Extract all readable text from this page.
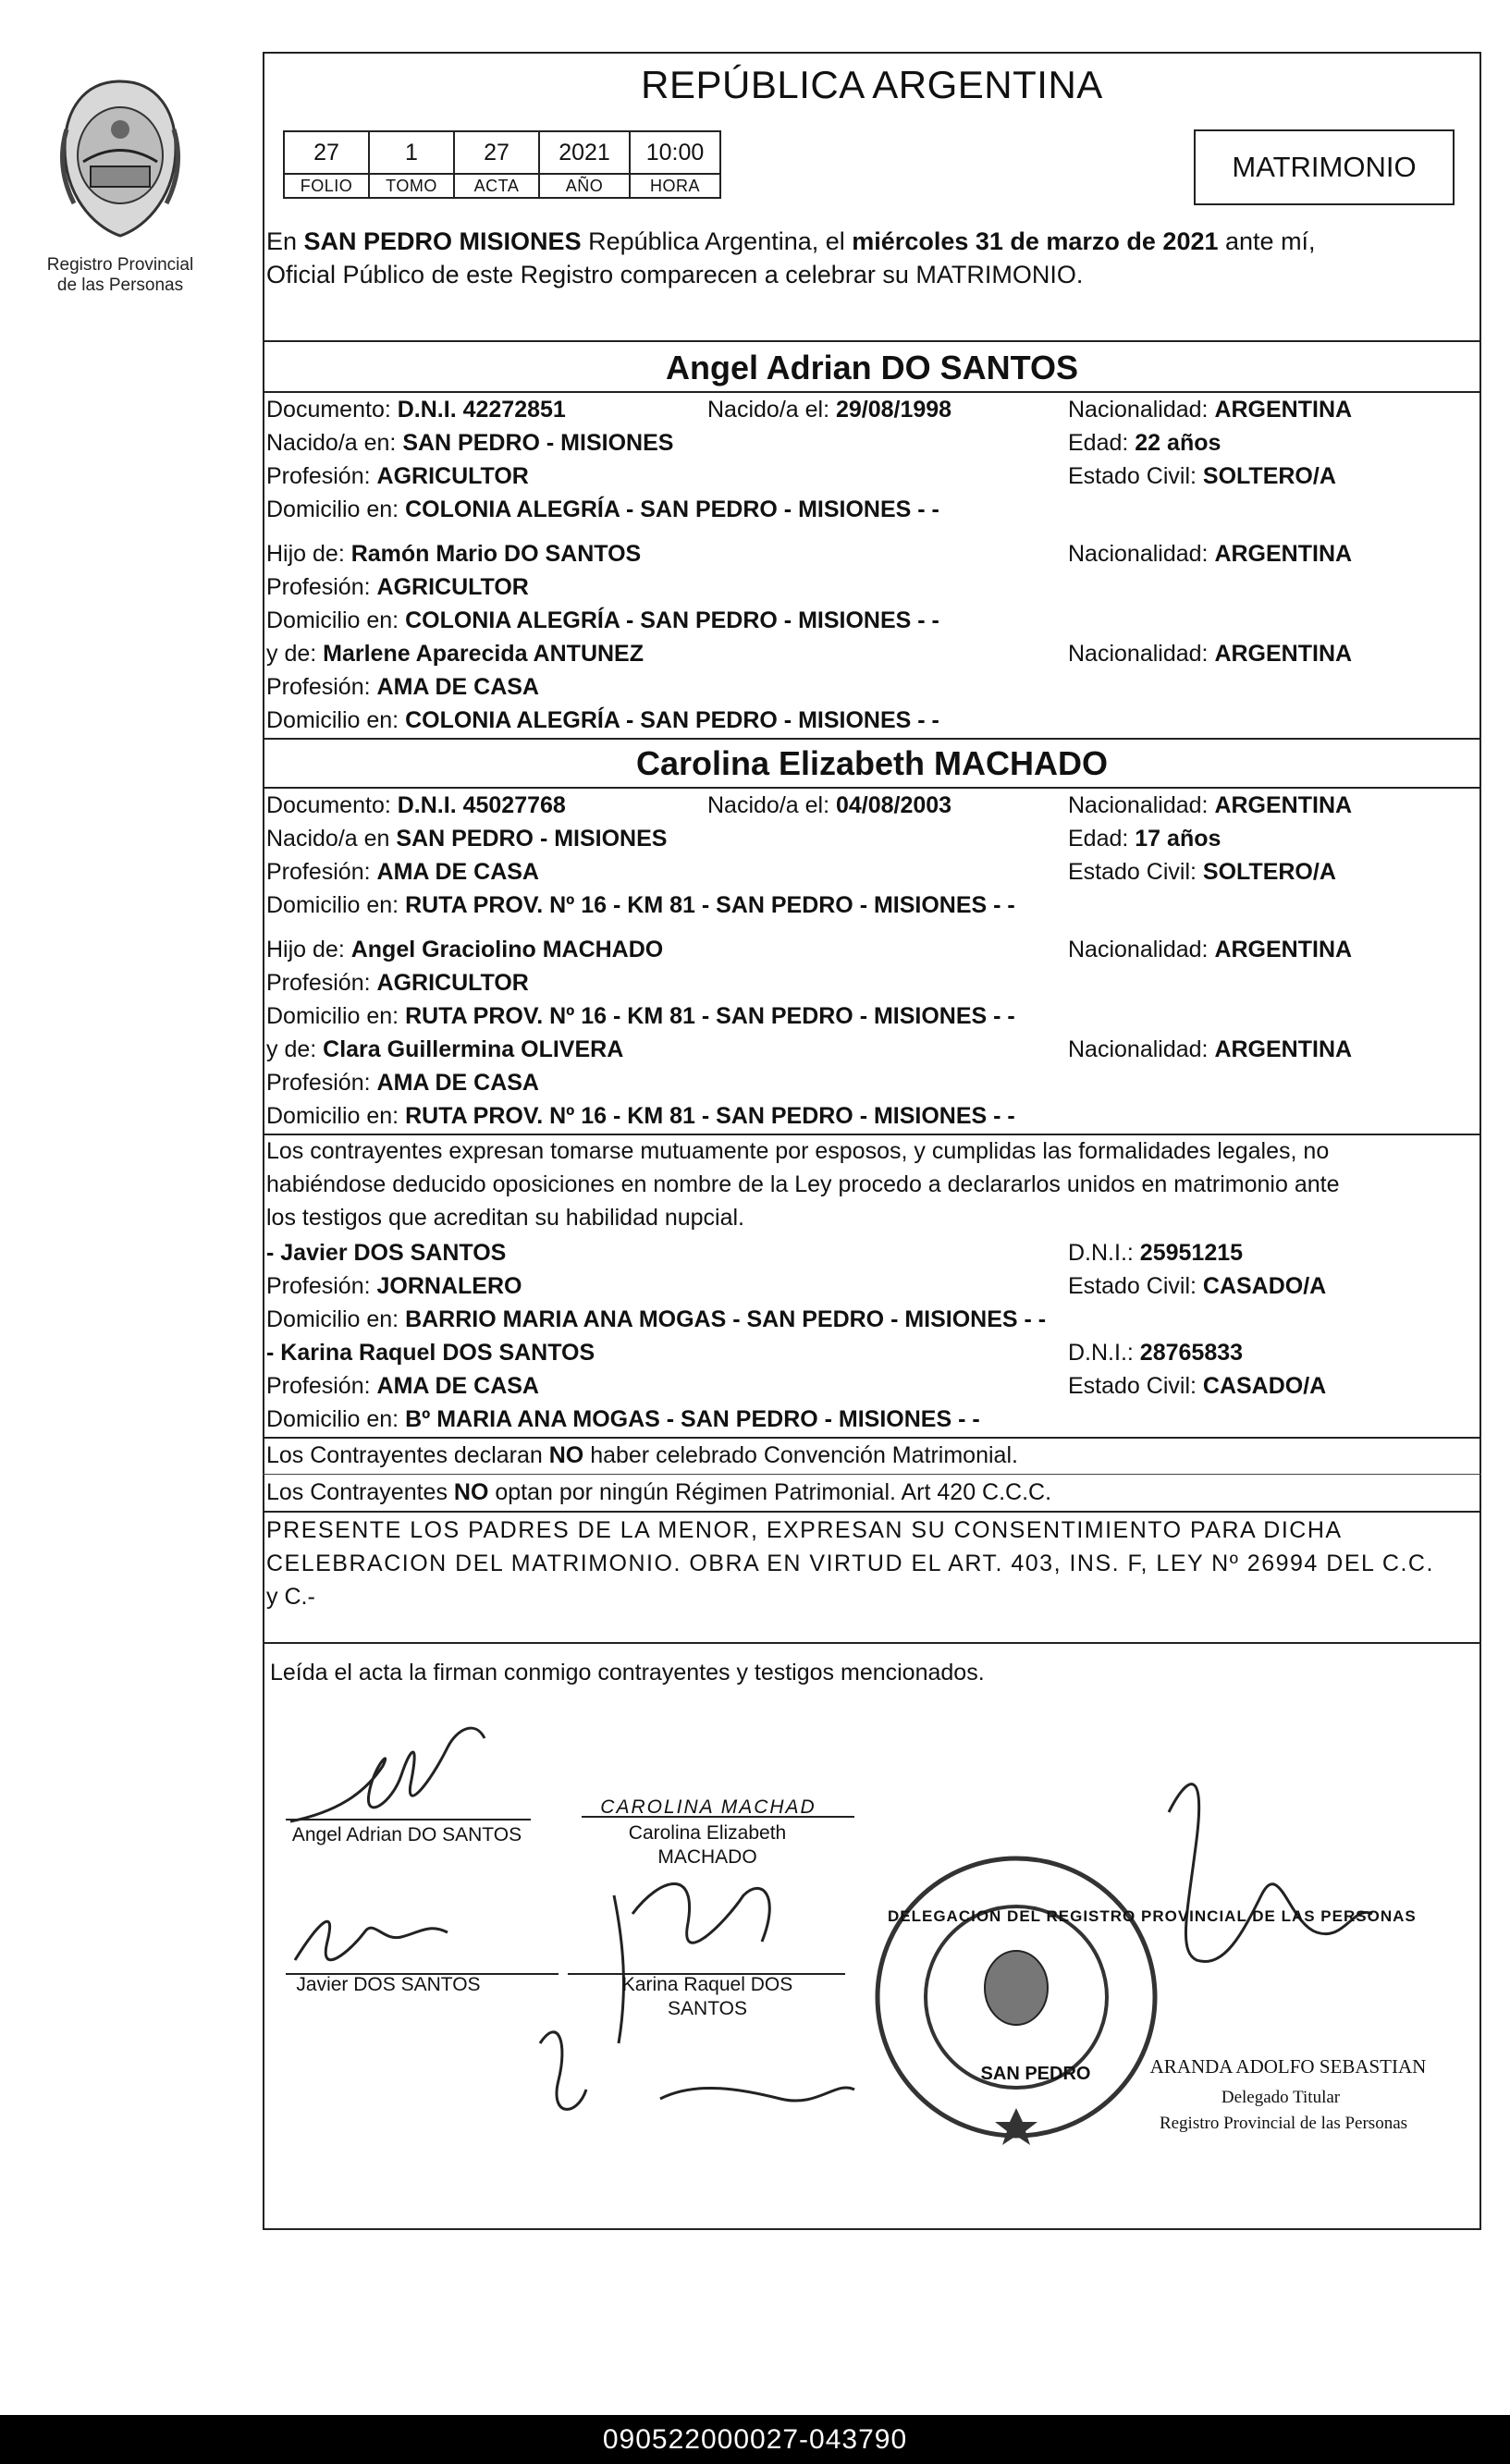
Registro Provincial
de las Personas
REPÚBLICA ARGENTINA
27	1	27	2021	10:00
FOLIO	TOMO	ACTA	AÑO	HORA
MATRIMONIO
En SAN PEDRO MISIONES República Argentina, el miércoles 31 de marzo de 2021 ante mí,
Oficial Público de este Registro comparecen a celebrar su MATRIMONIO.
Angel Adrian DO SANTOS
Documento: D.N.I. 42272851	Nacido/a el: 29/08/1998	Nacionalidad: ARGENTINA
Nacido/a en: SAN PEDRO - MISIONES	Edad: 22 años
Profesión: AGRICULTOR	Estado Civil: SOLTERO/A
Domicilio en: COLONIA ALEGRÍA - SAN PEDRO - MISIONES - -
Hijo de: Ramón Mario DO SANTOS	Nacionalidad: ARGENTINA
Profesión: AGRICULTOR
Domicilio en: COLONIA ALEGRÍA - SAN PEDRO - MISIONES - -
y de: Marlene Aparecida ANTUNEZ	Nacionalidad: ARGENTINA
Profesión: AMA DE CASA
Domicilio en: COLONIA ALEGRÍA - SAN PEDRO - MISIONES - -
Carolina Elizabeth MACHADO
Documento: D.N.I. 45027768	Nacido/a el: 04/08/2003	Nacionalidad: ARGENTINA
Nacido/a en SAN PEDRO - MISIONES	Edad: 17 años
Profesión: AMA DE CASA	Estado Civil: SOLTERO/A
Domicilio en: RUTA PROV. Nº 16 - KM 81 - SAN PEDRO - MISIONES - -
Hijo de: Angel Graciolino MACHADO	Nacionalidad: ARGENTINA
Profesión: AGRICULTOR
Domicilio en: RUTA PROV. Nº 16 - KM 81 - SAN PEDRO - MISIONES - -
y de: Clara Guillermina OLIVERA	Nacionalidad: ARGENTINA
Profesión: AMA DE CASA
Domicilio en: RUTA PROV. Nº 16 - KM 81 - SAN PEDRO - MISIONES - -
Los contrayentes expresan tomarse mutuamente por esposos, y cumplidas las formalidades legales, no
habiéndose deducido oposiciones en nombre de la Ley procedo a declararlos unidos en matrimonio ante
los testigos que acreditan su habilidad nupcial.
- Javier DOS SANTOS	D.N.I.: 25951215
Profesión: JORNALERO	Estado Civil: CASADO/A
Domicilio en: BARRIO MARIA ANA MOGAS - SAN PEDRO - MISIONES - -
- Karina Raquel DOS SANTOS	D.N.I.: 28765833
Profesión: AMA DE CASA	Estado Civil: CASADO/A
Domicilio en: Bº MARIA ANA MOGAS - SAN PEDRO - MISIONES - -
Los Contrayentes declaran NO haber celebrado Convención Matrimonial.
Los Contrayentes NO optan por ningún Régimen Patrimonial. Art 420 C.C.C.
PRESENTE LOS PADRES DE LA MENOR, EXPRESAN SU CONSENTIMIENTO PARA DICHA
CELEBRACION DEL MATRIMONIO. OBRA EN VIRTUD EL ART. 403, INS. F, LEY Nº 26994 DEL C.C.
y C.-
Leída el acta la firman conmigo contrayentes y testigos mencionados.
Angel Adrian DO SANTOS
CAROLINA MACHAD
Carolina Elizabeth
MACHADO
Javier DOS SANTOS	Karina Raquel DOS
SANTOS
DELEGACION DEL REGISTRO PROVINCIAL DE LAS PERSONAS
SAN PEDRO	ARANDA ADOLFO SEBASTIAN
Delegado Titular
Registro Provincial de las Personas
090522000027-043790
